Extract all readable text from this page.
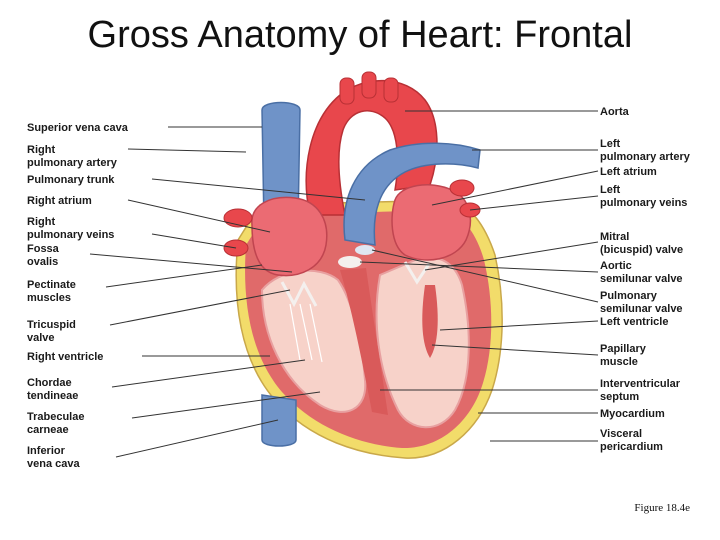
Gross Anatomy of Heart: Frontal
Superior vena cava
Right pulmonary artery
Pulmonary trunk
Right atrium
Right pulmonary veins
Fossa ovalis
Pectinate muscles
Tricuspid valve
Right ventricle
Chordae tendineae
Trabeculae carneae
Inferior vena cava
Aorta
Left pulmonary artery
Left atrium
Left pulmonary veins
Mitral (bicuspid) valve
Aortic semilunar valve
Pulmonary semilunar valve
Left ventricle
Papillary muscle
Interventricular septum
Myocardium
Visceral pericardium
Figure 18.4e
